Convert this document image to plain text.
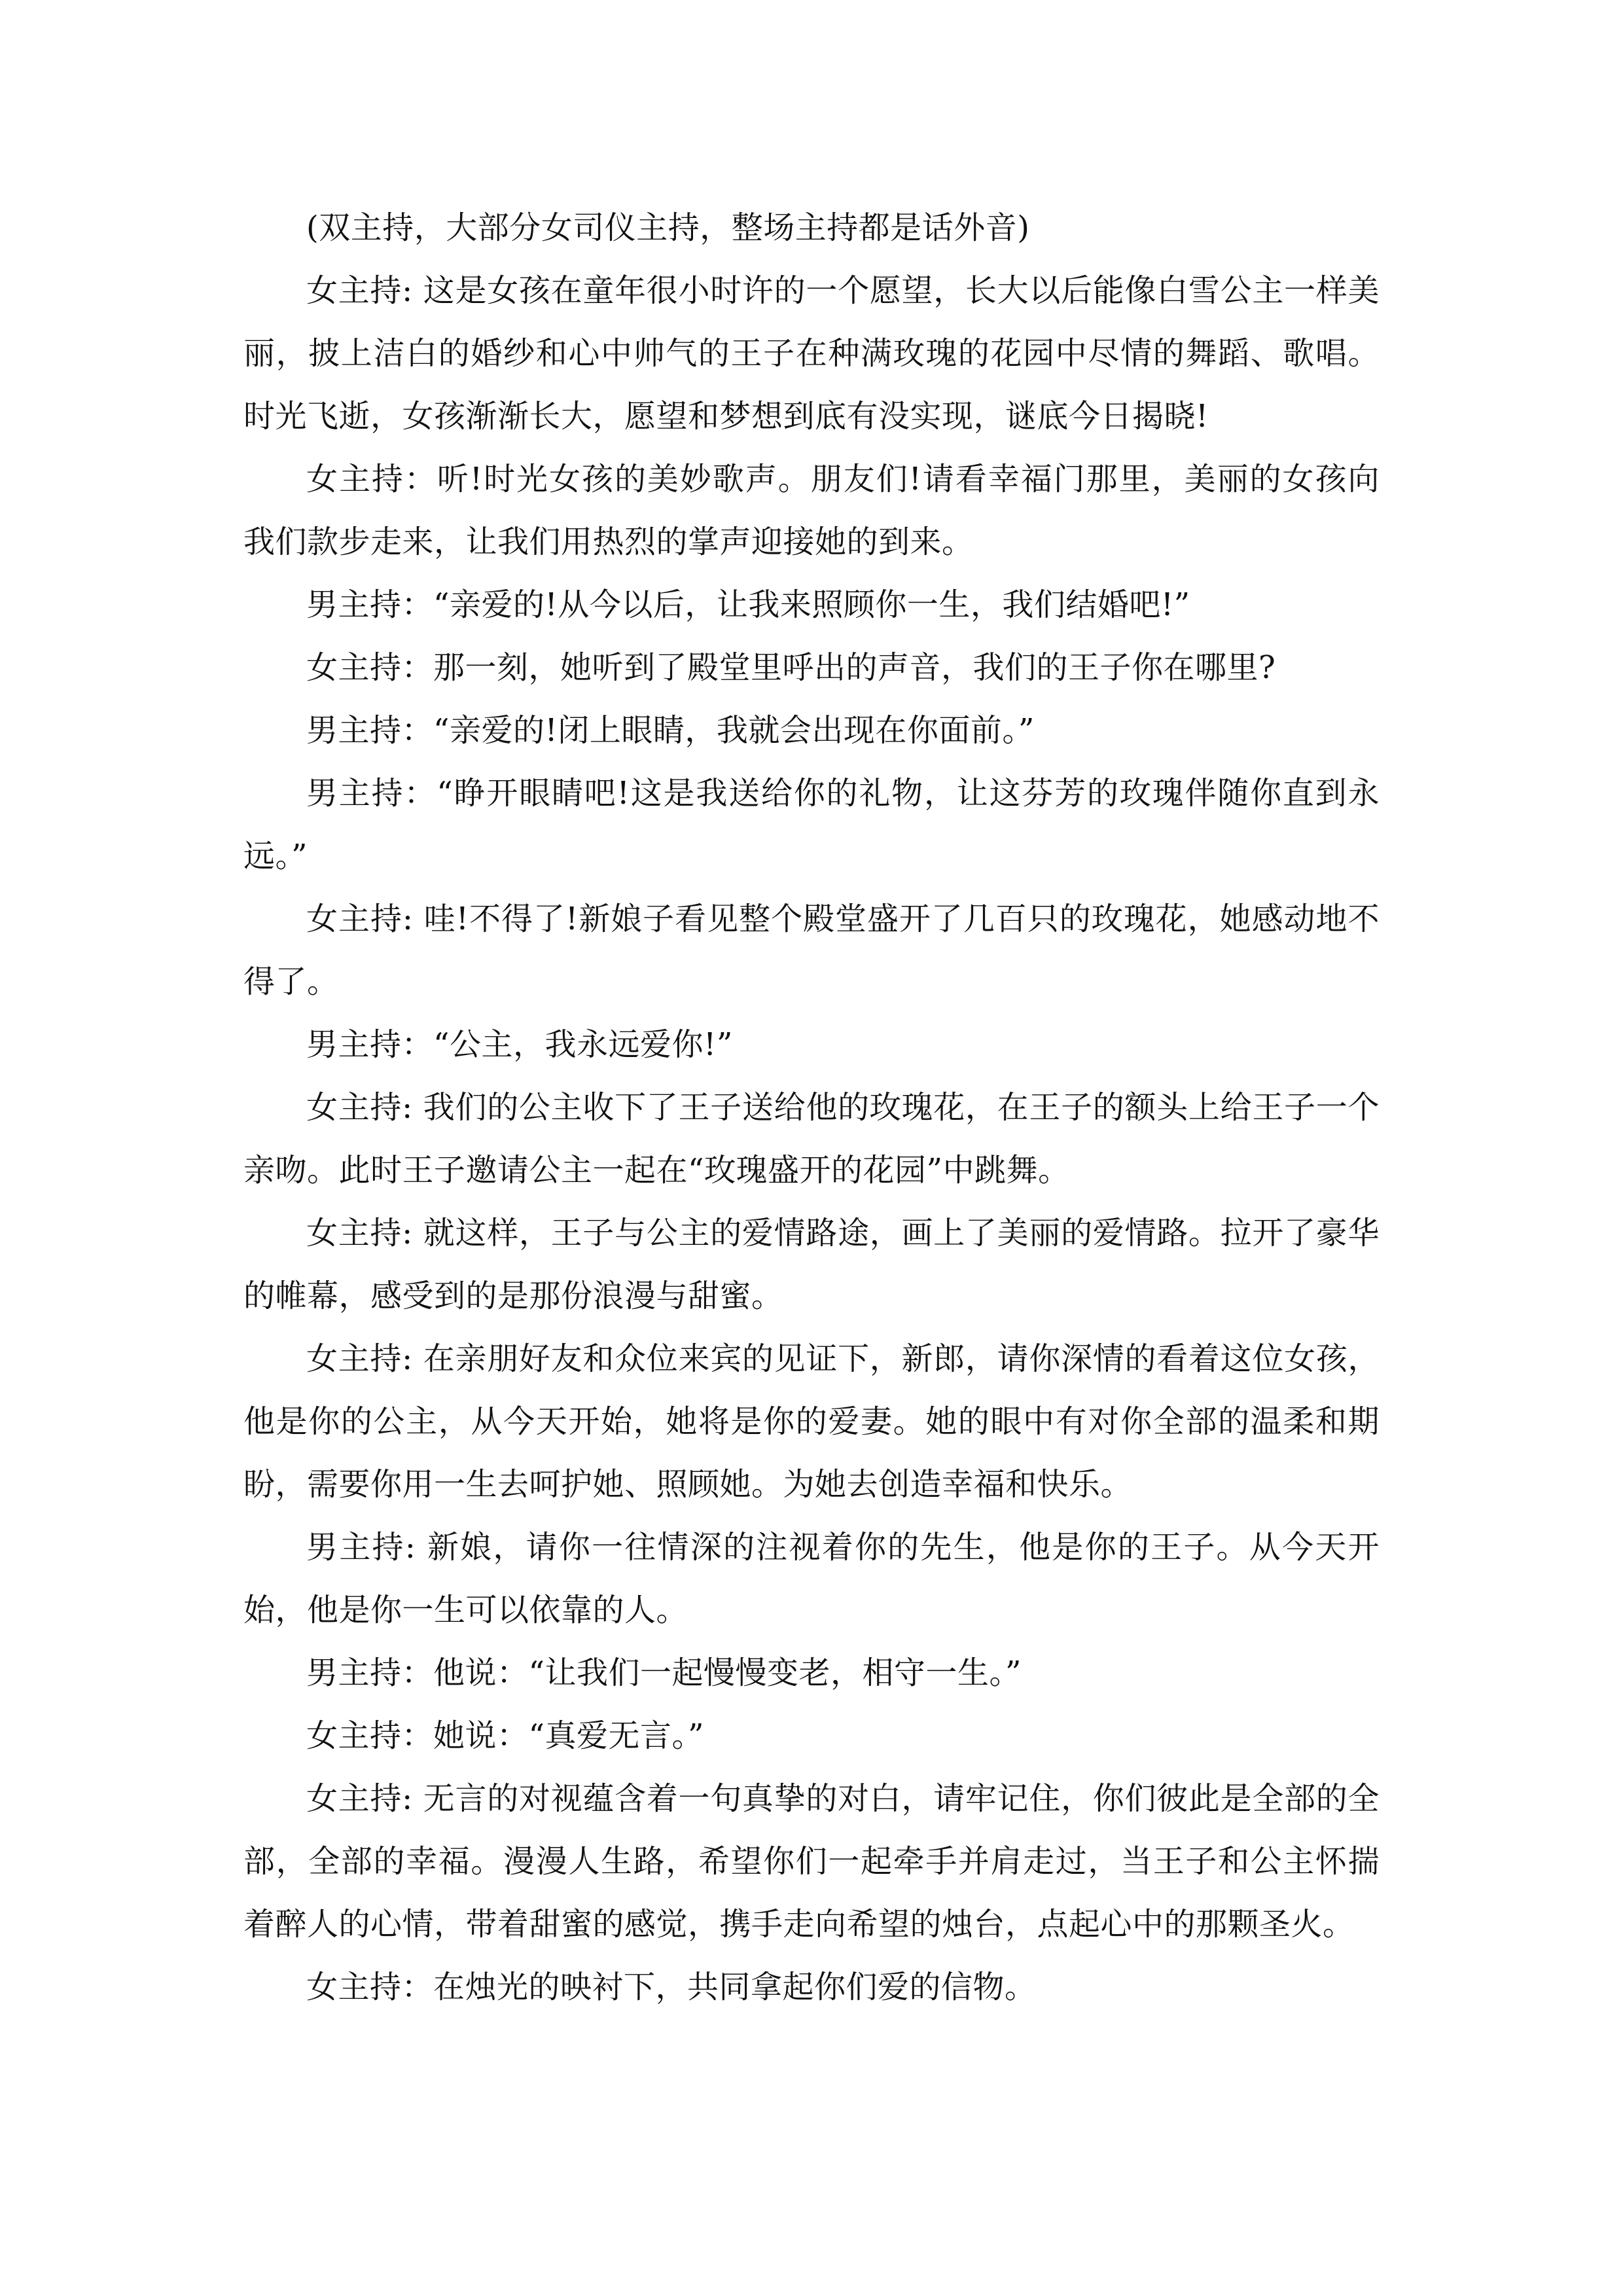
(双主持，大部分女司仪主持，整场主持都是话外音)

女主持: 这是女孩在童年很小时许的一个愿望，长大以后能像白雪公主一样美丽，披上洁白的婚纱和心中帅气的王子在种满玫瑰的花园中尽情的舞蹈、歌唱。时光飞逝，女孩渐渐长大，愿望和梦想到底有没实现，谜底今日揭晓!

女主持：听!时光女孩的美妙歌声。朋友们!请看幸福门那里，美丽的女孩向我们款步走来，让我们用热烈的掌声迎接她的到来。

男主持：“亲爱的!从今以后，让我来照顾你一生，我们结婚吧!”

女主持：那一刻，她听到了殿堂里呼出的声音，我们的王子你在哪里?

男主持：“亲爱的!闭上眼睛，我就会出现在你面前。”

男主持：“睁开眼睛吧!这是我送给你的礼物，让这芬芳的玫瑰伴随你直到永远。”

女主持: 哇!不得了!新娘子看见整个殿堂盛开了几百只的玫瑰花，她感动地不得了。

男主持：“公主，我永远爱你!”

女主持: 我们的公主收下了王子送给他的玫瑰花，在王子的额头上给王子一个亲吻。此时王子邀请公主一起在“玫瑰盛开的花园”中跳舞。

女主持: 就这样，王子与公主的爱情路途，画上了美丽的爱情路。拉开了豪华的帷幕，感受到的是那份浪漫与甜蜜。

女主持: 在亲朋好友和众位来宾的见证下，新郎，请你深情的看着这位女孩，他是你的公主，从今天开始，她将是你的爱妻。她的眼中有对你全部的温柔和期盼，需要你用一生去呵护她、照顾她。为她去创造幸福和快乐。

男主持: 新娘，请你一往情深的注视着你的先生，他是你的王子。从今天开始，他是你一生可以依靠的人。

男主持：他说：“让我们一起慢慢变老，相守一生。”

女主持：她说：“真爱无言。”

女主持: 无言的对视蕴含着一句真挚的对白，请牢记住，你们彼此是全部的全部，全部的幸福。漫漫人生路，希望你们一起牵手并肩走过，当王子和公主怀揣着醉人的心情，带着甜蜜的感觉，携手走向希望的烛台，点起心中的那颗圣火。

女主持：在烛光的映衬下，共同拿起你们爱的信物。
